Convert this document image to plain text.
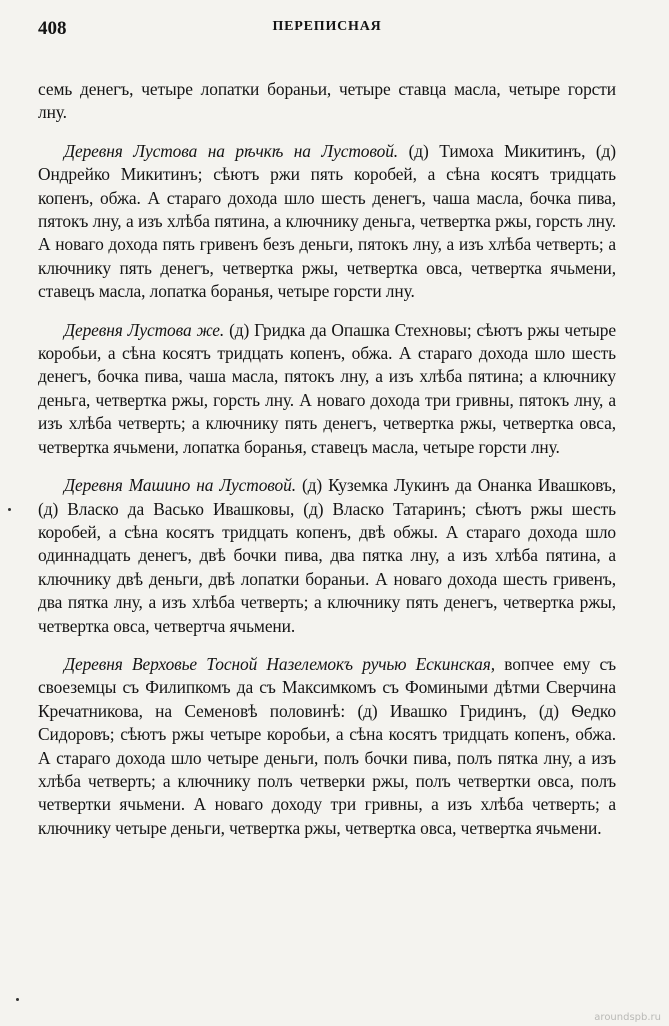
408	ПЕРЕПИСНАЯ

семь денегъ, четыре лопатки бораньи, четыре ставца масла, четыре горсти лну.

Деревня Лустова на рѣчкѣ на Лустовой. (д) Тимоха Микитинъ, (д) Ондрейко Микитинъ; сѣютъ ржи пять коробей, а сѣна косятъ тридцать копенъ, обжа. А стараго дохода шло шесть денегъ, чаша масла, бочка пива, пятокъ лну, а изъ хлѣба пятина, а ключнику деньга, четвертка ржы, горсть лну. А новаго дохода пять гривенъ безъ деньги, пятокъ лну, а изъ хлѣба четверть; а ключнику пять денегъ, четвертка ржы, четвертка овса, четвертка ячьмени, ставецъ масла, лопатка боранья, четыре горсти лну.

Деревня Лустова же. (д) Гридка да Опашка Стехновы; сѣютъ ржы четыре коробьи, а сѣна косятъ тридцать копенъ, обжа. А стараго дохода шло шесть денегъ, бочка пива, чаша масла, пятокъ лну, а изъ хлѣба пятина; а ключнику деньга, четвертка ржы, горсть лну. А новаго дохода три гривны, пятокъ лну, а изъ хлѣба четверть; а ключнику пять денегъ, четвертка ржы, четвертка овса, четвертка ячьмени, лопатка боранья, ставецъ масла, четыре горсти лну.

Деревня Машино на Лустовой. (д) Куземка Лукинъ да Онанка Ивашковъ, (д) Власко да Васько Ивашковы, (д) Власко Татаринъ; сѣютъ ржы шесть коробей, а сѣна косятъ тридцать копенъ, двѣ обжы. А стараго дохода шло одиннадцать денегъ, двѣ бочки пива, два пятка лну, а изъ хлѣба пятина, а ключнику двѣ деньги, двѣ лопатки бораньи. А новаго дохода шесть гривенъ, два пятка лну, а изъ хлѣба четверть; а ключнику пять денегъ, четвертка ржы, четвертка овса, четвертча ячьмени.

Деревня Верховье Тосной Назелемокъ ручью Ескинская, вопчее ему съ своеземцы съ Филипкомъ да съ Максимкомъ съ Фомиными дѣтми Сверчина Кречатникова, на Семеновѣ половинѣ: (д) Ивашко Гридинъ, (д) Ѳедко Сидоровъ; сѣютъ ржы четыре коробьи, а сѣна косятъ тридцать копенъ, обжа. А стараго дохода шло четыре деньги, полъ бочки пива, полъ пятка лну, а изъ хлѣба четверть; а ключнику полъ четверки ржы, полъ четвертки овса, полъ четвертки ячьмени. А новаго доходу три гривны, а изъ хлѣба четверть; а ключнику четыре деньги, четвертка ржы, четвертка овса, четвертка ячьмени.

aroundspb.ru
